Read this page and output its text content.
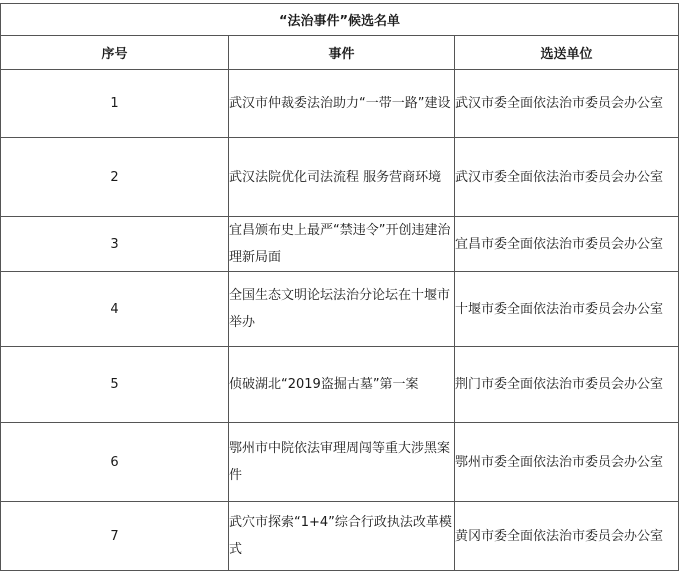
“法治事件”候选名单		
序号	事件	选送单位
1	武汉市仲裁委法治助力“一带一路”建设	武汉市委全面依法治市委员会办公室
2	武汉法院优化司法流程 服务营商环境	武汉市委全面依法治市委员会办公室
3	宜昌颁布史上最严“禁违令”开创违建治理新局面	宜昌市委全面依法治市委员会办公室
4	全国生态文明论坛法治分论坛在十堰市举办	十堰市委全面依法治市委员会办公室
5	侦破湖北“2019盗掘古墓”第一案	荆门市委全面依法治市委员会办公室
6	鄂州市中院依法审理周闯等重大涉黑案件	鄂州市委全面依法治市委员会办公室
7	武穴市探索“1+4”综合行政执法改革模式	黄冈市委全面依法治市委员会办公室
